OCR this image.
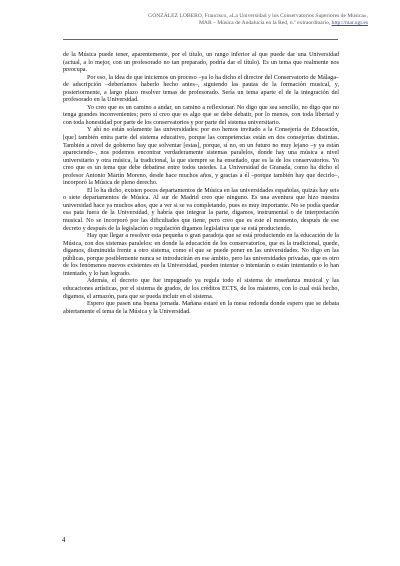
GONZÁLEZ LOBERO, Francisco, «La Universidad y los Conservatorios Superiores de Música»,
MAR – Música de Andalucía en la Red, n.º extraordinario, http://mar.ugr.es

de la Música puede tener, aparentemente, por el título, un rango inferior al que puede dar una Universidad (actual, a lo mejor, con un profesorado no tan preparado, podría dar el título). Es un tema que realmente nos preocupa.

Por eso, la idea de que iniciemos un proceso –ya lo ha dicho el director del Conservatorio de Málaga– de adscripción –deberíamos haberlo hecho antes–, siguiendo las pautas de la formación musical, y, posteriormente, a largo plazo resolver temas de profesorado. Sería un tema aparte el de la integración del profesorado en la Universidad.

Yo creo que es un camino a andar, un camino a reflexionar. No digo que sea sencillo, no digo que no tenga grandes inconvenientes; pero sí creo que es algo que se debe debatir, por lo menos, con toda libertad y con toda honestidad por parte de los conservatorios y por parte del sistema universitario.

Y ahí no están solamente las universidades: por eso hemos invitado a la Consejería de Educación, [que] también entra parte del sistema educativo, porque las competencias están en dos consejerías distintas. También a nivel de gobierno hay que solventar [estas], porque, sí no, en un futuro no muy lejano –y ya están apareciendo–, nos podemos encontrar verdaderamente sistemas paralelos, donde hay una música a nivel universitario y otra música, la tradicional, la que siempre se ha enseñado, que es la de los conservatorios. Yo creo que es un tema que debe debatirse entre todos ustedes. La Universidad de Granada, como ha dicho el profesor Antonio Martín Moreno, desde hace muchos años, y gracias a él –porque también hay que decirlo–, incorporó la Música de pleno derecho.

El lo ha dicho, existen pocos departamentos de Música en las universidades españolas, quizás hay seis o siete departamentos de Música. Al sur de Madrid creo que ninguno. Es una aventura que hizo nuestra universidad hace ya muchos años, que a ver si se va completando, pues es muy importante. No se podía quedar esa pata fuera de la Universidad, y habría que integrar la parte, digamos, instrumental o de interpretación musical. No se incorporó por las dificultades que tiene, pero creo que es este el momento, después de ese decreto y después de la legislación o regulación digamos legislativa que se está produciendo.

Hay que llegar a resolver esta pequeña o gran paradoja que se está produciendo en la educación de la Música, con dos sistemas paralelos: en donde la educación de los conservatorios, que es la tradicional, quede, digamos, disminuida frente a otro sistema, como el que se puede poner en las universidades. No digo en las públicas, porque posiblemente nunca se introducirán en ese ámbito, pero las universidades privadas, que es otro de los fenómenos nuevos existentes en la Universidad, pueden intentar o intentarán o están intentando o lo han intentado, y lo han logrado.

Además, el decreto que fue impugnado ya regula todo el sistema de enseñanza musical y las educaciones artísticas, por el sistema de grados, de los créditos ECTS, de los másteres, con lo cual está hecho, digamos, el armazón, para que se pueda incluir en el sistema.

Espero que pasen una buena jornada. Mañana estaré en la mesa redonda donde espero que se debata abiertamente el tema de la Música y la Universidad.

4
